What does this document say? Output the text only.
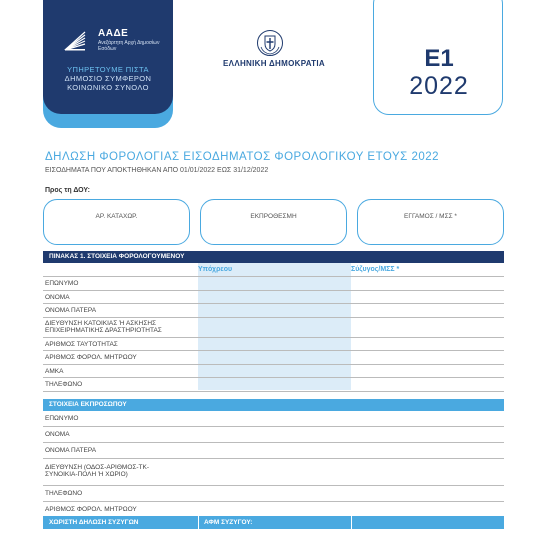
ΑΑΔΕ
Ανεξάρτητη Αρχή Δημοσίων Εσόδων
ΥΠΗΡΕΤΟΥΜΕ ΠΙΣΤΑ
ΔΗΜΟΣΙΟ ΣΥΜΦΕΡΟΝ
ΚΟΙΝΩΝΙΚΟ ΣΥΝΟΛΟ
ΕΛΛΗΝΙΚΗ ΔΗΜΟΚΡΑΤΙΑ	E1
2022
ΔΗΛΩΣΗ ΦΟΡΟΛΟΓΙΑΣ ΕΙΣΟΔΗΜΑΤΟΣ ΦΟΡΟΛΟΓΙΚΟΥ ΕΤΟΥΣ 2022
ΕΙΣΟΔΗΜΑΤΑ ΠΟΥ ΑΠΟΚΤΗΘΗΚΑΝ ΑΠΟ 01/01/2022 ΕΩΣ 31/12/2022
Προς τη ΔΟΥ:
ΑΡ. ΚΑΤΑΧΩΡ.	ΕΚΠΡΟΘΕΣΜΗ	ΕΓΓΑΜΟΣ / ΜΣΣ *
ΠΙΝΑΚΑΣ 1. ΣΤΟΙΧΕΙΑ ΦΟΡΟΛΟΓΟΥΜΕΝΟΥ
Υπόχρεου	Σύζυγος/ΜΣΣ *
ΕΠΩΝΥΜΟ
ΟΝΟΜΑ
ΟΝΟΜΑ ΠΑΤΕΡΑ
ΔΙΕΥΘΥΝΣΗ ΚΑΤΟΙΚΙΑΣ Ή ΑΣΚΗΣΗΣ ΕΠΙΧΕΙΡΗΜΑΤΙΚΗΣ ΔΡΑΣΤΗΡΙΟΤΗΤΑΣ
ΑΡΙΘΜΟΣ ΤΑΥΤΟΤΗΤΑΣ
ΑΡΙΘΜΟΣ ΦΟΡΟΛ. ΜΗΤΡΩΟΥ
ΑΜΚΑ
ΤΗΛΕΦΩΝΟ
ΣΤΟΙΧΕΙΑ ΕΚΠΡΟΣΩΠΟΥ
ΕΠΩΝΥΜΟ
ΟΝΟΜΑ
ΟΝΟΜΑ ΠΑΤΕΡΑ
ΔΙΕΥΘΥΝΣΗ (ΟΔΟΣ-ΑΡΙΘΜΟΣ-ΤΚ-ΣΥΝΟΙΚΙΑ-ΠΟΛΗ Ή ΧΩΡΙΟ)
ΤΗΛΕΦΩΝΟ
ΑΡΙΘΜΟΣ ΦΟΡΟΛ. ΜΗΤΡΩΟΥ
ΧΩΡΙΣΤΗ ΔΗΛΩΣΗ ΣΥΖΥΓΩΝ	ΑΦΜ ΣΥΖΥΓΟΥ:
